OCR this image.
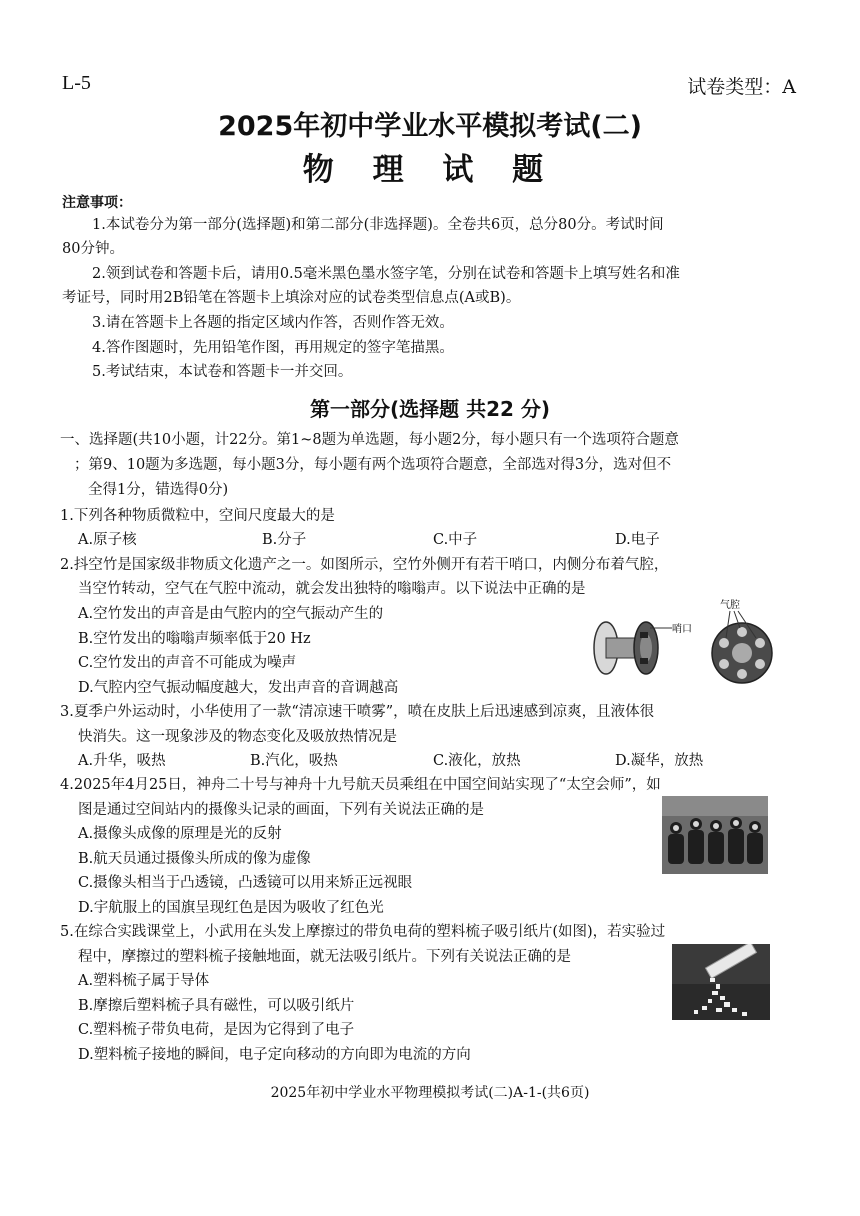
L-5	试卷类型：A
2025年初中学业水平模拟考试(二)
物 理 试 题
注意事项：
1.本试卷分为第一部分(选择题)和第二部分(非选择题)。全卷共6页，总分80分。考试时间
80分钟。
2.领到试卷和答题卡后，请用0.5毫米黑色墨水签字笔，分别在试卷和答题卡上填写姓名和准
考证号，同时用2B铅笔在答题卡上填涂对应的试卷类型信息点(A或B)。
3.请在答题卡上各题的指定区域内作答，否则作答无效。
4.答作图题时，先用铅笔作图，再用规定的签字笔描黑。
5.考试结束，本试卷和答题卡一并交回。
第一部分(选择题 共22 分)
一、选择题(共10小题，计22分。第1~8题为单选题，每小题2分，每小题只有一个选项符合题意
；第9、10题为多选题，每小题3分，每小题有两个选项符合题意，全部选对得3分，选对但不
全得1分，错选得0分)
1.下列各种物质微粒中，空间尺度最大的是
A.原子核	B.分子	C.中子	D.电子
2.抖空竹是国家级非物质文化遗产之一。如图所示，空竹外侧开有若干哨口，内侧分布着气腔，
当空竹转动，空气在气腔中流动，就会发出独特的嗡嗡声。以下说法中正确的是
A.空竹发出的声音是由气腔内的空气振动产生的
B.空竹发出的嗡嗡声频率低于20 Hz
C.空竹发出的声音不可能成为噪声
D.气腔内空气振动幅度越大，发出声音的音调越高
哨口
气腔
3.夏季户外运动时，小华使用了一款“清凉速干喷雾”，喷在皮肤上后迅速感到凉爽，且液体很
快消失。这一现象涉及的物态变化及吸放热情况是
A.升华，吸热	B.汽化，吸热	C.液化，放热	D.凝华，放热
4.2025年4月25日，神舟二十号与神舟十九号航天员乘组在中国空间站实现了“太空会师”，如
图是通过空间站内的摄像头记录的画面，下列有关说法正确的是
A.摄像头成像的原理是光的反射
B.航天员通过摄像头所成的像为虚像
C.摄像头相当于凸透镜，凸透镜可以用来矫正远视眼
D.宇航服上的国旗呈现红色是因为吸收了红色光
5.在综合实践课堂上，小武用在头发上摩擦过的带负电荷的塑料梳子吸引纸片(如图)，若实验过
程中，摩擦过的塑料梳子接触地面，就无法吸引纸片。下列有关说法正确的是
A.塑料梳子属于导体
B.摩擦后塑料梳子具有磁性，可以吸引纸片
C.塑料梳子带负电荷，是因为它得到了电子
D.塑料梳子接地的瞬间，电子定向移动的方向即为电流的方向
2025年初中学业水平物理模拟考试(二)A-1-(共6页)
